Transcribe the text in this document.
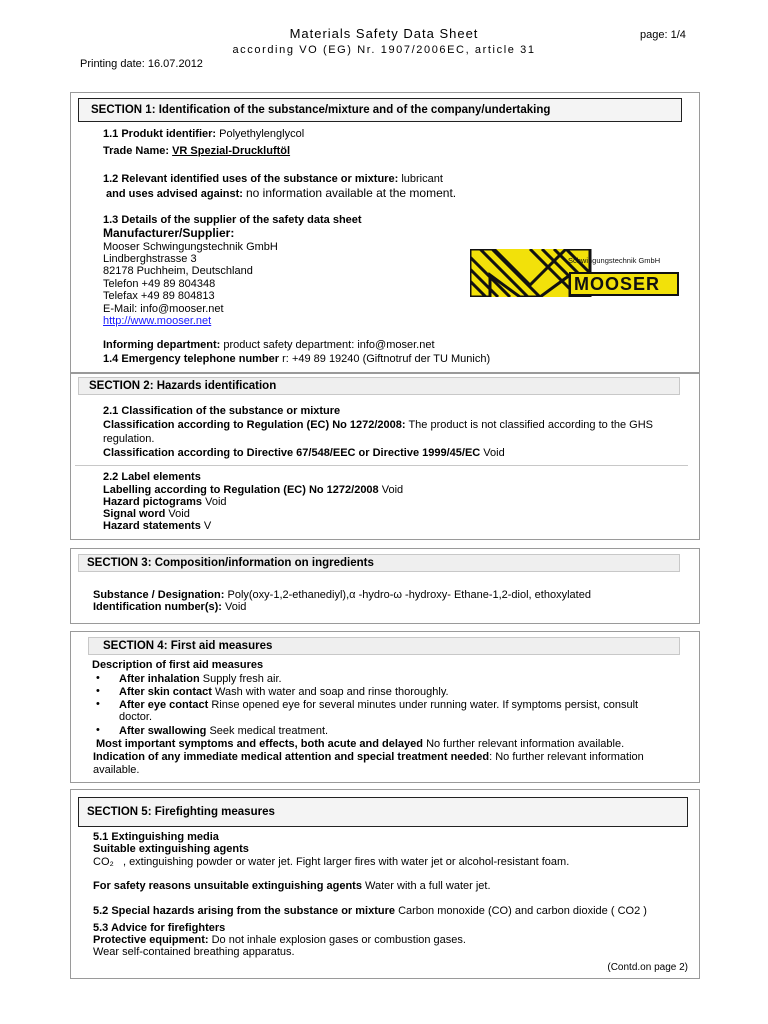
Materials Safety Data Sheet
according VO (EG) Nr. 1907/2006EC, article 31
page: 1/4
Printing date: 16.07.2012
SECTION 1: Identification of the substance/mixture and of the company/undertaking
1.1 Produkt identifier: Polyethylenglycol
Trade Name: VR Spezial-Druckluftöl
1.2 Relevant identified uses of the substance or mixture: lubricant
and uses advised against: no information available at the moment.
1.3 Details of the supplier of the safety data sheet
Manufacturer/Supplier:
Mooser Schwingungstechnik GmbH
Lindberghstrasse 3
82178 Puchheim, Deutschland
Telefon +49 89 804348
Telefax +49 89 804813
E-Mail: info@mooser.net
http://www.mooser.net
Schwingungstechnik GmbH
MOOSER
Informing department: product safety department: info@moser.net
1.4 Emergency telephone number r: +49 89 19240 (Giftnotruf der TU Munich)
SECTION 2: Hazards identification
2.1 Classification of the substance or mixture
Classification according to Regulation (EC) No 1272/2008: The product is not classified according to the GHS
regulation.
Classification according to Directive 67/548/EEC or Directive 1999/45/EC Void
2.2 Label elements
Labelling according to Regulation (EC) No 1272/2008 Void
Hazard pictograms Void
Signal word Void
Hazard statements V
SECTION 3: Composition/information on ingredients
Substance / Designation: Poly(oxy-1,2-ethanediyl),α -hydro-ω -hydroxy- Ethane-1,2-diol, ethoxylated
Identification number(s): Void
SECTION 4: First aid measures
Description of first aid measures
• After inhalation Supply fresh air.
• After skin contact Wash with water and soap and rinse thoroughly.
• After eye contact Rinse opened eye for several minutes under running water. If symptoms persist, consult
doctor.
• After swallowing Seek medical treatment.
Most important symptoms and effects, both acute and delayed No further relevant information available.
Indication of any immediate medical attention and special treatment needed: No further relevant information
available.
SECTION 5: Firefighting measures
5.1 Extinguishing media
Suitable extinguishing agents
CO₂ , extinguishing powder or water jet. Fight larger fires with water jet or alcohol-resistant foam.
For safety reasons unsuitable extinguishing agents Water with a full water jet.
5.2 Special hazards arising from the substance or mixture Carbon monoxide (CO) and carbon dioxide ( CO2 )
5.3 Advice for firefighters
Protective equipment: Do not inhale explosion gases or combustion gases.
Wear self-contained breathing apparatus.
(Contd.on page 2)
